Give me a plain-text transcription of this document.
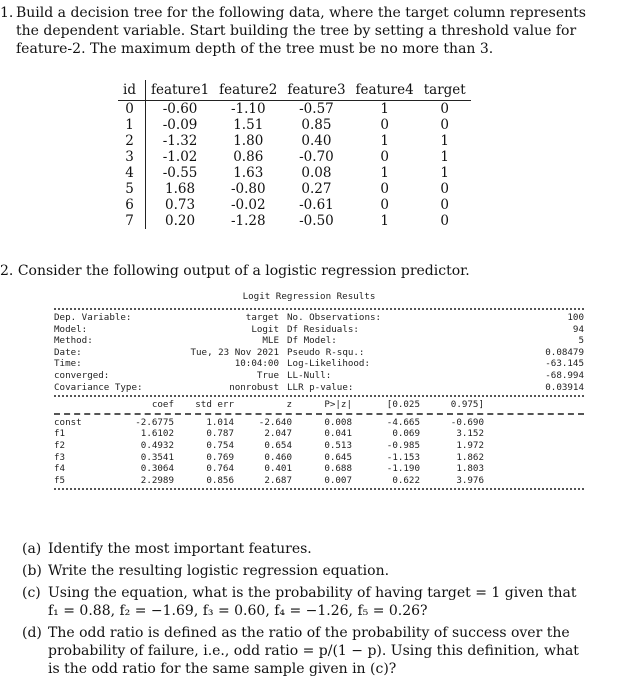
1. Build a decision tree for the following data, where the target column represents the dependent variable. Start building the tree by setting a threshold value for feature-2. The maximum depth of the tree must be no more than 3.
id	feature1	feature2	feature3	feature4	target
0	-0.60	-1.10	-0.57	1	0
1	-0.09	1.51	0.85	0	0
2	-1.32	1.80	0.40	1	1
3	-1.02	0.86	-0.70	0	1
4	-0.55	1.63	0.08	1	1
5	1.68	-0.80	0.27	0	0
6	0.73	-0.02	-0.61	0	0
7	0.20	-1.28	-0.50	1	0
2. Consider the following output of a logistic regression predictor.
Logit Regression Results
Dep. Variable:	target No. Observations:	100
Model:	Logit Df Residuals:	94
Method:	MLE Df Model:	5
Date:	Tue, 23 Nov 2021 Pseudo R-squ.:	0.08479
Time:	10:04:00 Log-Likelihood:	-63.145
converged:	True LL-Null:	-68.994
Covariance Type:	nonrobust LLR p-value:	0.03914
coef	std err	z	P>|z|	[0.025	0.975]
const	-2.6775	1.014	-2.640	0.008	-4.665	-0.690
f1	1.6102	0.787	2.047	0.041	0.069	3.152
f2	0.4932	0.754	0.654	0.513	-0.985	1.972
f3	0.3541	0.769	0.460	0.645	-1.153	1.862
f4	0.3064	0.764	0.401	0.688	-1.190	1.803
f5	2.2989	0.856	2.687	0.007	0.622	3.976
(a) Identify the most important features.
(b) Write the resulting logistic regression equation.
(c) Using the equation, what is the probability of having target = 1 given that f₁ = 0.88, f₂ = −1.69, f₃ = 0.60, f₄ = −1.26, f₅ = 0.26?
(d) The odd ratio is defined as the ratio of the probability of success over the probability of failure, i.e., odd ratio = p/(1 − p). Using this definition, what is the odd ratio for the same sample given in (c)?
